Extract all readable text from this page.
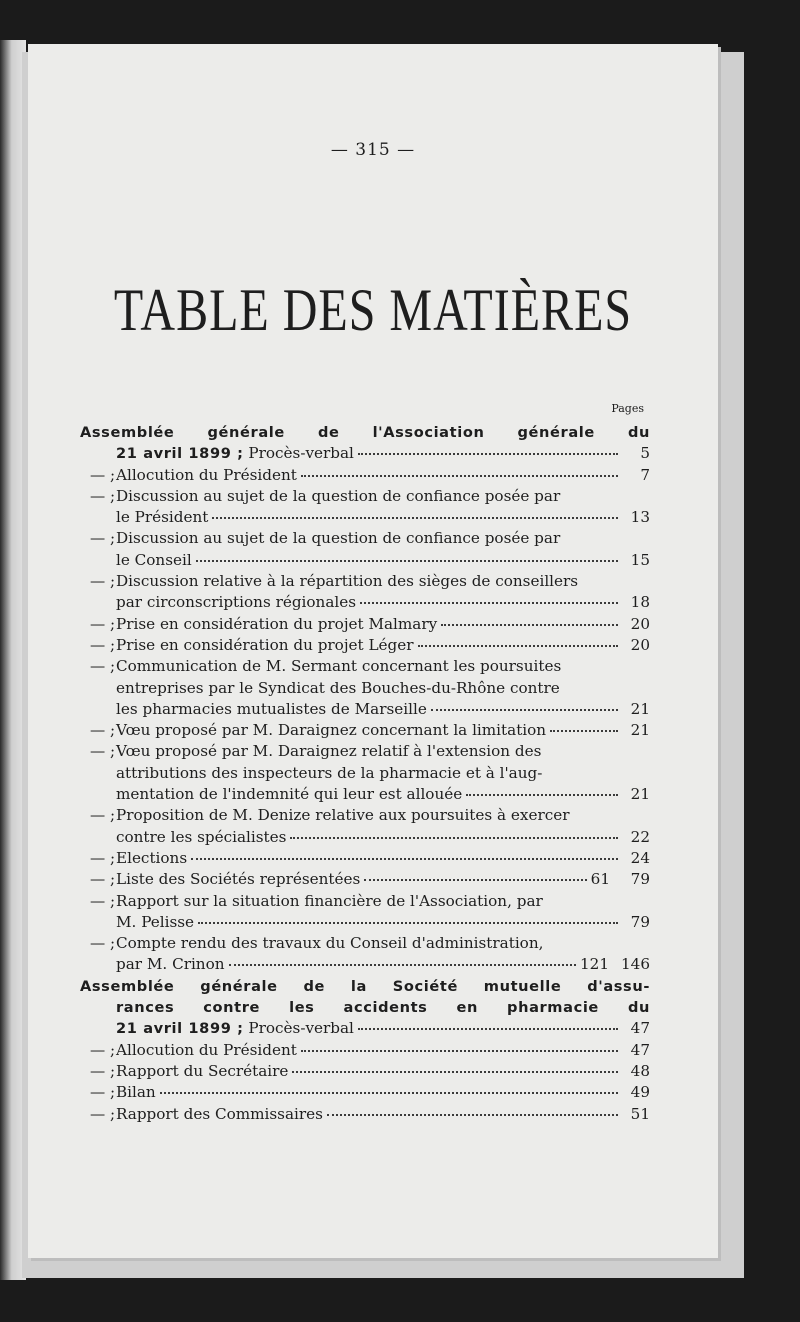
— 315 —
TABLE DES MATIÈRES
Pages
Assemblée générale de l'Association générale du
21 avril 1899 ;
Procès-verbal	5
— ; Allocution du Président	7
— ; Discussion au sujet de la question de confiance posée par
le Président	13
— ; Discussion au sujet de la question de confiance posée par
le Conseil	15
— ; Discussion relative à la répartition des sièges de conseillers
par circonscriptions régionales	18
— ; Prise en considération du projet Malmary	20
— ; Prise en considération du projet Léger	20
— ; Communication de M. Sermant concernant les poursuites
entreprises par le Syndicat des Bouches-du-Rhône contre
les pharmacies mutualistes de Marseille	21
— ; Vœu proposé par M. Daraignez concernant la limitation	21
— ; Vœu proposé par M. Daraignez relatif à l'extension des
attributions des inspecteurs de la pharmacie et à l'aug-
mentation de l'indemnité qui leur est allouée	21
— ; Proposition de M. Denize relative aux poursuites à exercer
contre les spécialistes	22
— ; Elections	24
— ; Liste des Sociétés représentées	61	79
— ; Rapport sur la situation financière de l'Association, par
M. Pelisse	79
— ; Compte rendu des travaux du Conseil d'administration,
par M. Crinon	121 146
Assemblée générale de la Société mutuelle d'assu-
rances contre les accidents en pharmacie du
21 avril 1899 ;
Procès-verbal	47
— ; Allocution du Président	47
— ; Rapport du Secrétaire	48
— ; Bilan	49
— ; Rapport des Commissaires	51
